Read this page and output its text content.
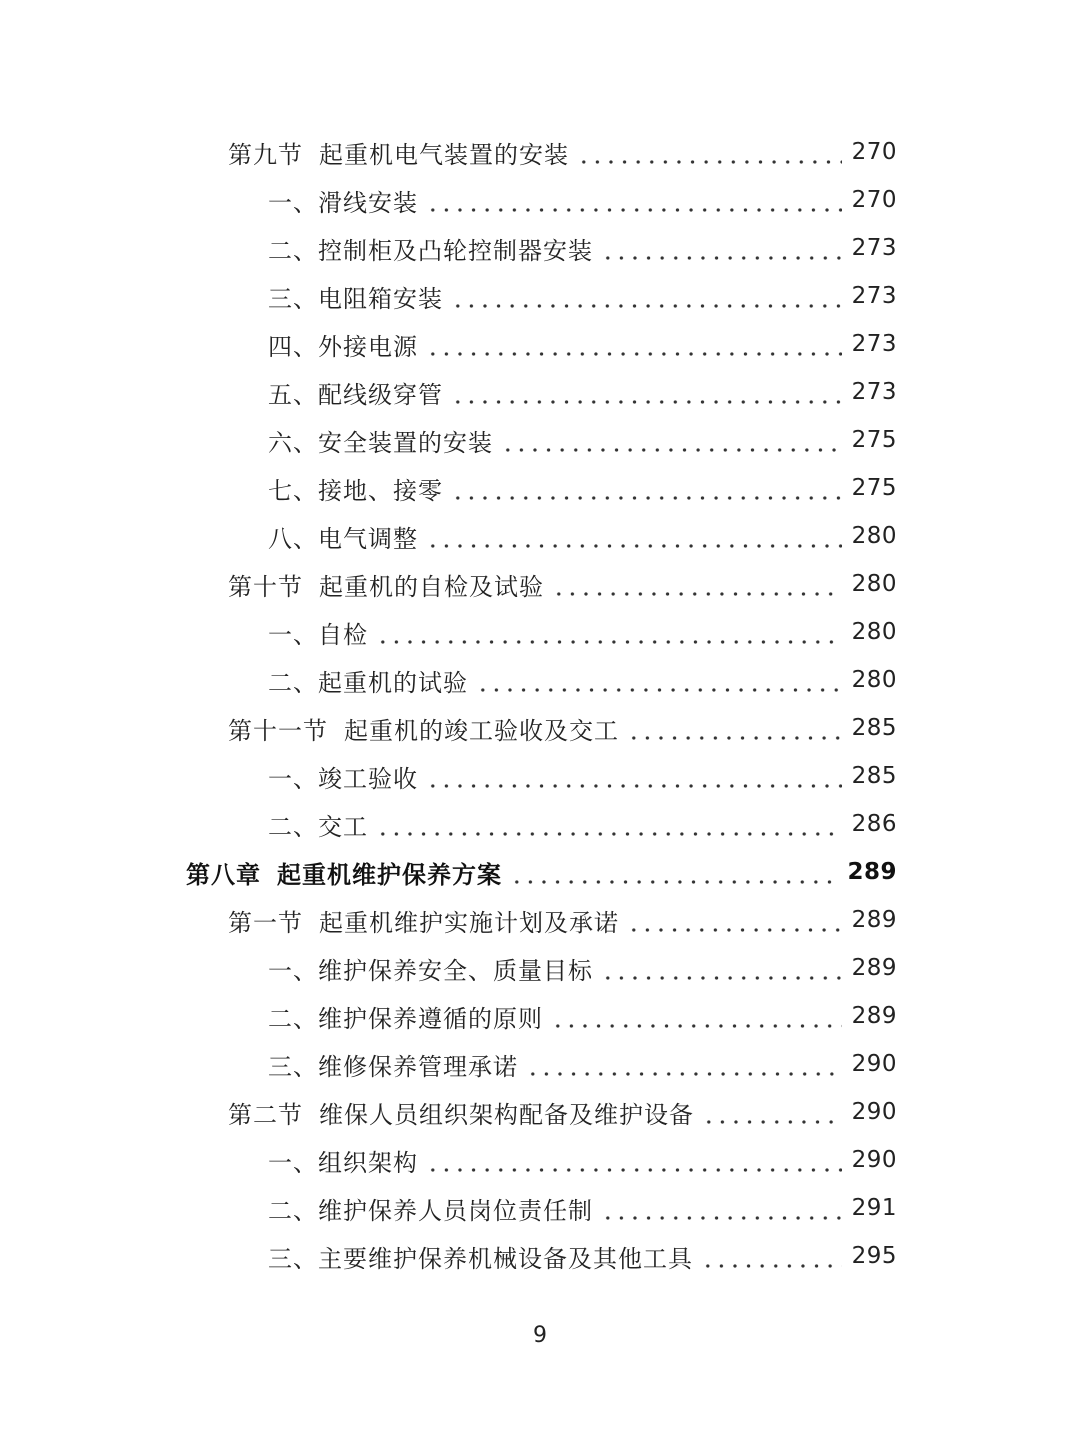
第九节 起重机电气装置的安装	270
一、 滑线安装	270
二、 控制柜及凸轮控制器安装	273
三、 电阻箱安装	273
四、 外接电源	273
五、 配线级穿管	273
六、 安全装置的安装	275
七、 接地、接零	275
八、 电气调整	280
第十节 起重机的自检及试验	280
一、 自检	280
二、 起重机的试验	280
第十一节 起重机的竣工验收及交工	285
一、 竣工验收	285
二、 交工	286
第八章 起重机维护保养方案	289
第一节 起重机维护实施计划及承诺	289
一、 维护保养安全、质量目标	289
二、 维护保养遵循的原则	289
三、 维修保养管理承诺	290
第二节 维保人员组织架构配备及维护设备	290
一、 组织架构	290
二、 维护保养人员岗位责任制	291
三、 主要维护保养机械设备及其他工具	295
9
